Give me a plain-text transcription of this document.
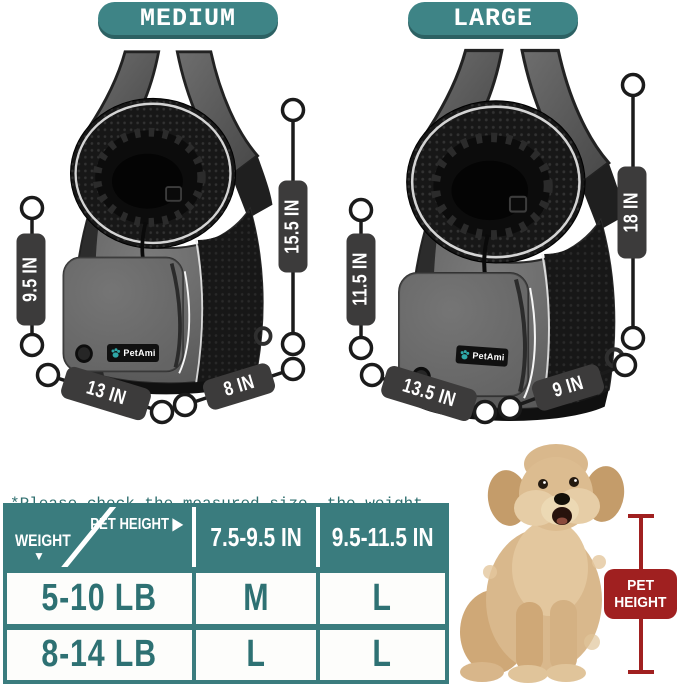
MEDIUM	LARGE
9.5 IN
15.5 IN
13 IN	8 IN
11.5 IN
18 IN
13.5 IN	9 IN
PetAmi	PetAmi

WEIGHT
▼
PET HEIGHT ▶ 7.5-9.5 IN 9.5-11.5 IN
5-10 LB M	L
8-14 LB L	L
PET
HEIGHT
